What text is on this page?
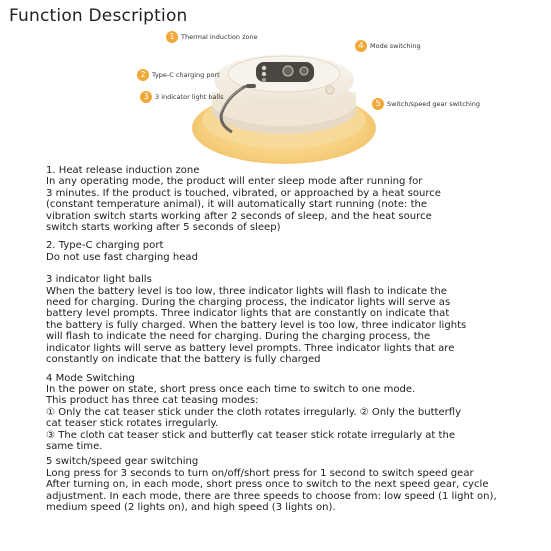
Function Description
1 Thermal induction zone
2 Type-C charging port
3 3 indicator light balls
4 Mode switching
5 Switch/speed gear switching

1. Heat release induction zone

In any operating mode, the product will enter sleep mode after running for

3 minutes. If the product is touched, vibrated, or approached by a heat source

(constant temperature animal), it will automatically start running (note: the

vibration switch starts working after 2 seconds of sleep, and the heat source

switch starts working after 5 seconds of sleep)

2. Type-C charging port

Do not use fast charging head

3 indicator light balls

When the battery level is too low, three indicator lights will flash to indicate the

need for charging. During the charging process, the indicator lights will serve as

battery level prompts. Three indicator lights that are constantly on indicate that

the battery is fully charged. When the battery level is too low, three indicator lights

will flash to indicate the need for charging. During the charging process, the

indicator lights will serve as battery level prompts. Three indicator lights that are

constantly on indicate that the battery is fully charged

4 Mode Switching

In the power on state, short press once each time to switch to one mode.

This product has three cat teasing modes:

① Only the cat teaser stick under the cloth rotates irregularly. ② Only the butterfly

cat teaser stick rotates irregularly.

③ The cloth cat teaser stick and butterfly cat teaser stick rotate irregularly at the

same time.

5 switch/speed gear switching

Long press for 3 seconds to turn on/off/short press for 1 second to switch speed gear

After turning on, in each mode, short press once to switch to the next speed gear, cycle

adjustment. In each mode, there are three speeds to choose from: low speed (1 light on),

medium speed (2 lights on), and high speed (3 lights on).
